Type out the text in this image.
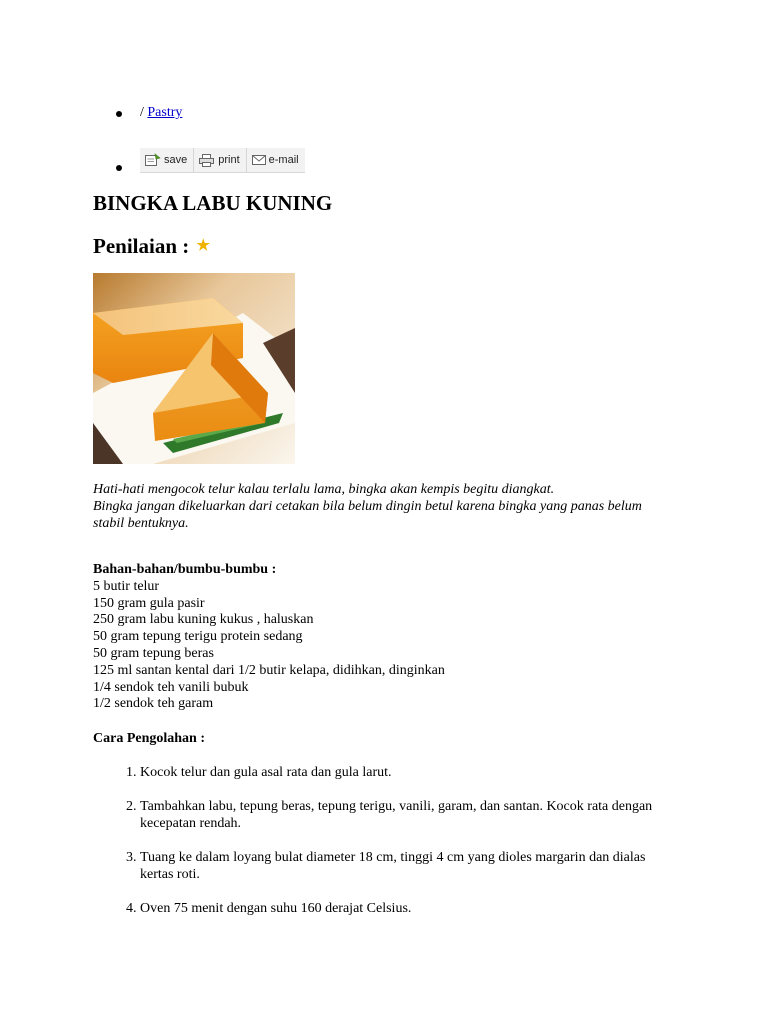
/ Pastry
save	print	e-mail
BINGKA LABU KUNING
Penilaian : ★
Hati-hati mengocok telur kalau terlalu lama, bingka akan kempis begitu diangkat.
Bingka jangan dikeluarkan dari cetakan bila belum dingin betul karena bingka yang panas belum stabil bentuknya.
Bahan-bahan/bumbu-bumbu :
5 butir telur
150 gram gula pasir
250 gram labu kuning kukus , haluskan
50 gram tepung terigu protein sedang
50 gram tepung beras
125 ml santan kental dari 1/2 butir kelapa, didihkan, dinginkan
1/4 sendok teh vanili bubuk
1/2 sendok teh garam
Cara Pengolahan :
1. Kocok telur dan gula asal rata dan gula larut.
2. Tambahkan labu, tepung beras, tepung terigu, vanili, garam, dan santan. Kocok rata dengan kecepatan rendah.
3. Tuang ke dalam loyang bulat diameter 18 cm, tinggi 4 cm yang dioles margarin dan dialas kertas roti.
4. Oven 75 menit dengan suhu 160 derajat Celsius.
